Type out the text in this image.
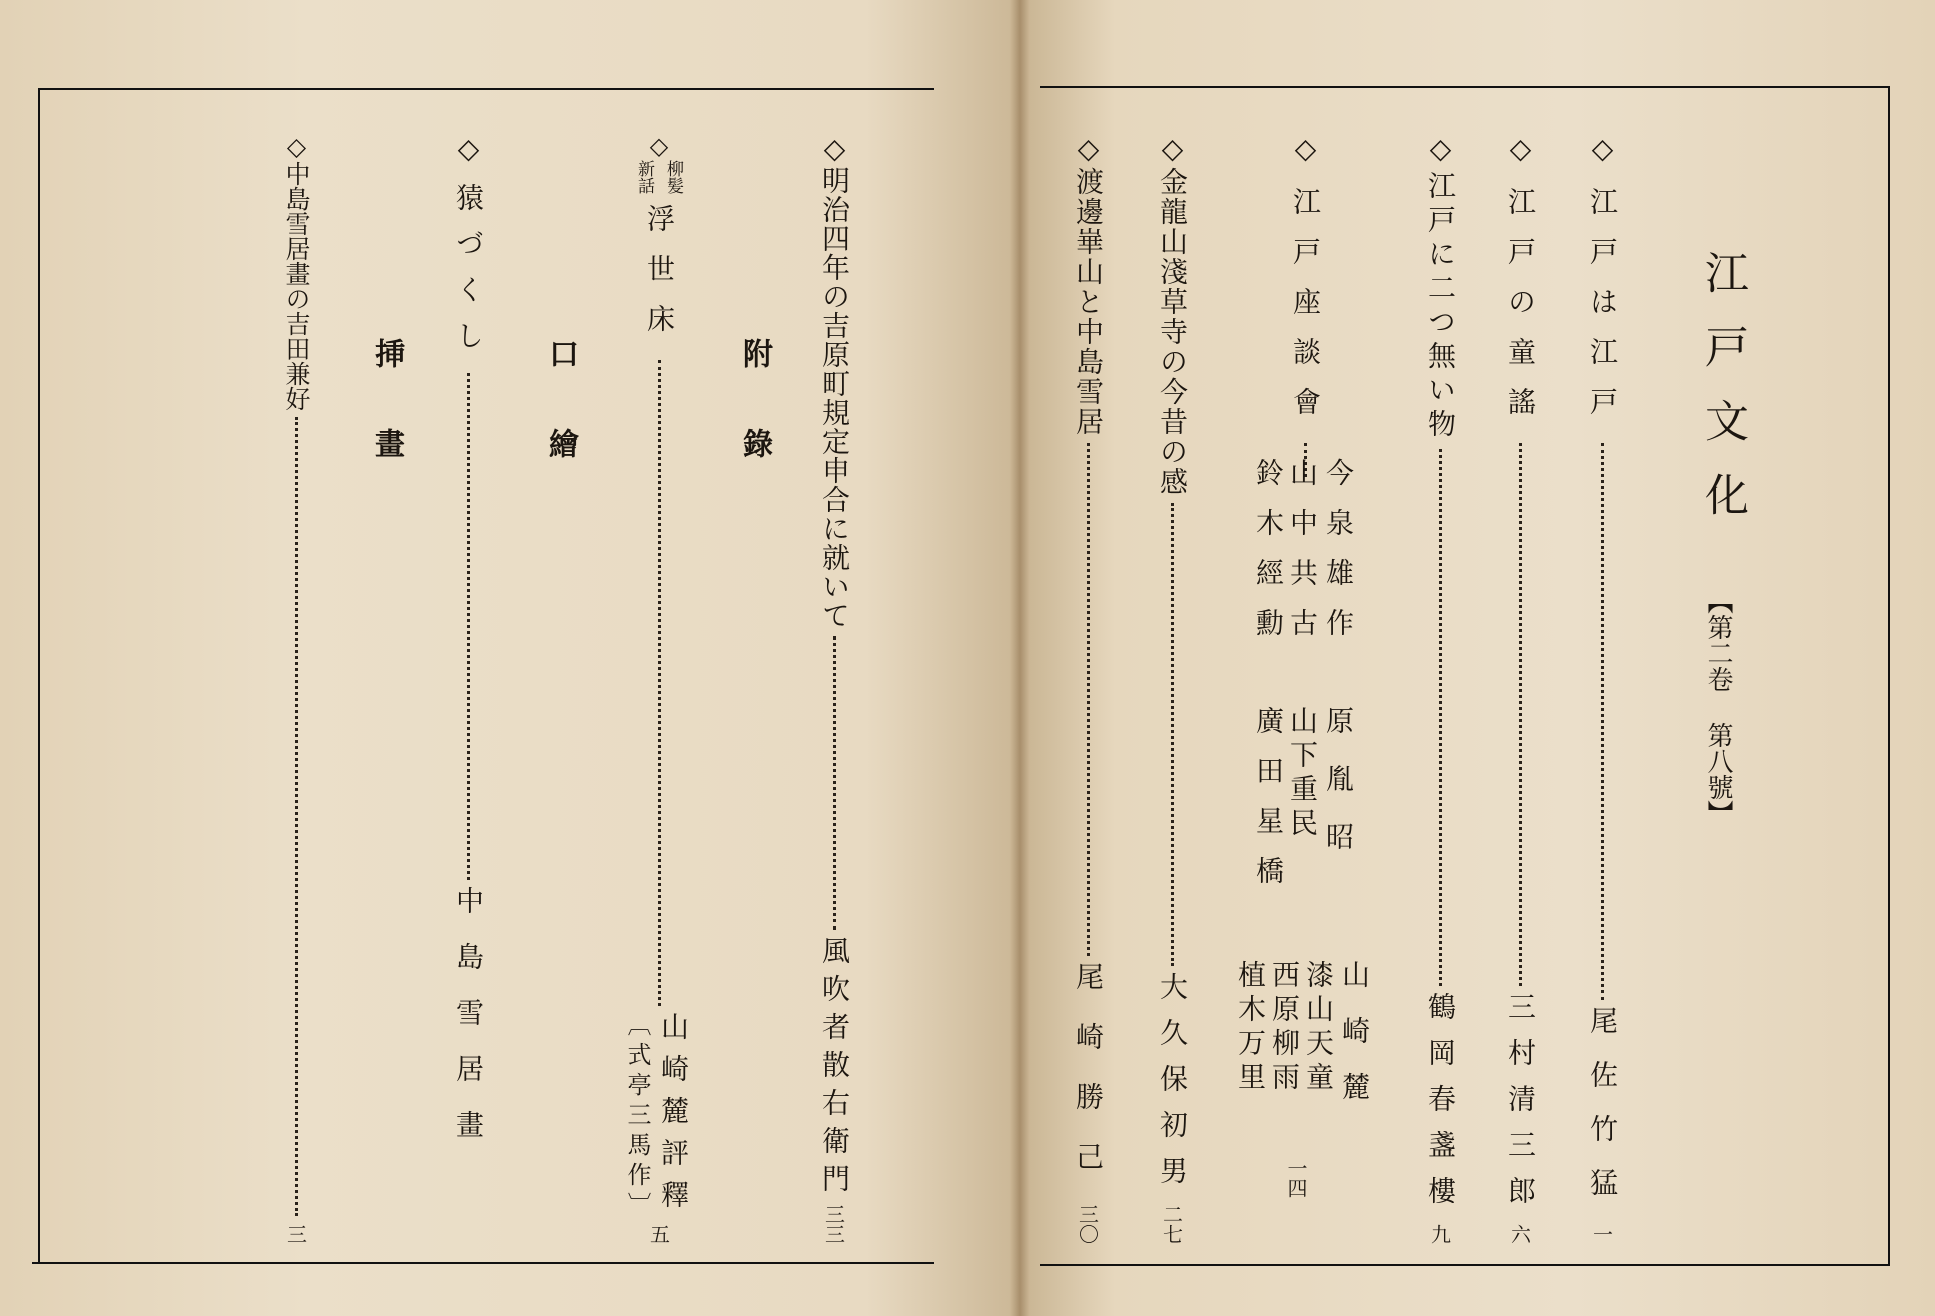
江戸文化
【第二卷 第八號】
◇江戸は江戸
尾佐竹猛
一
◇江戸の童謠
三村清三郎
六
◇江戸に二つ無い物
鶴岡春盞樓
九
◇江戸座談會
今泉雄作
山中共古
鈴木經勳
原胤昭
山下重民
廣田星橋
山崎麓
漆山天童
西原柳雨
植木万里
一四
◇金龍山淺草寺の今昔の感
大久保初男
二七
◇渡邊崋山と中島雪居
尾崎勝己
三〇
◇明治四年の吉原町規定申合に就いて
風吹者散右衛門
三三
附錄
◇
柳髪
新話
浮世床
山崎麓評釋
〔式亭三馬作〕
五
口繪
◇猿づくし
中島雪居畫
挿畫
◇中島雪居畫の吉田兼好
三
